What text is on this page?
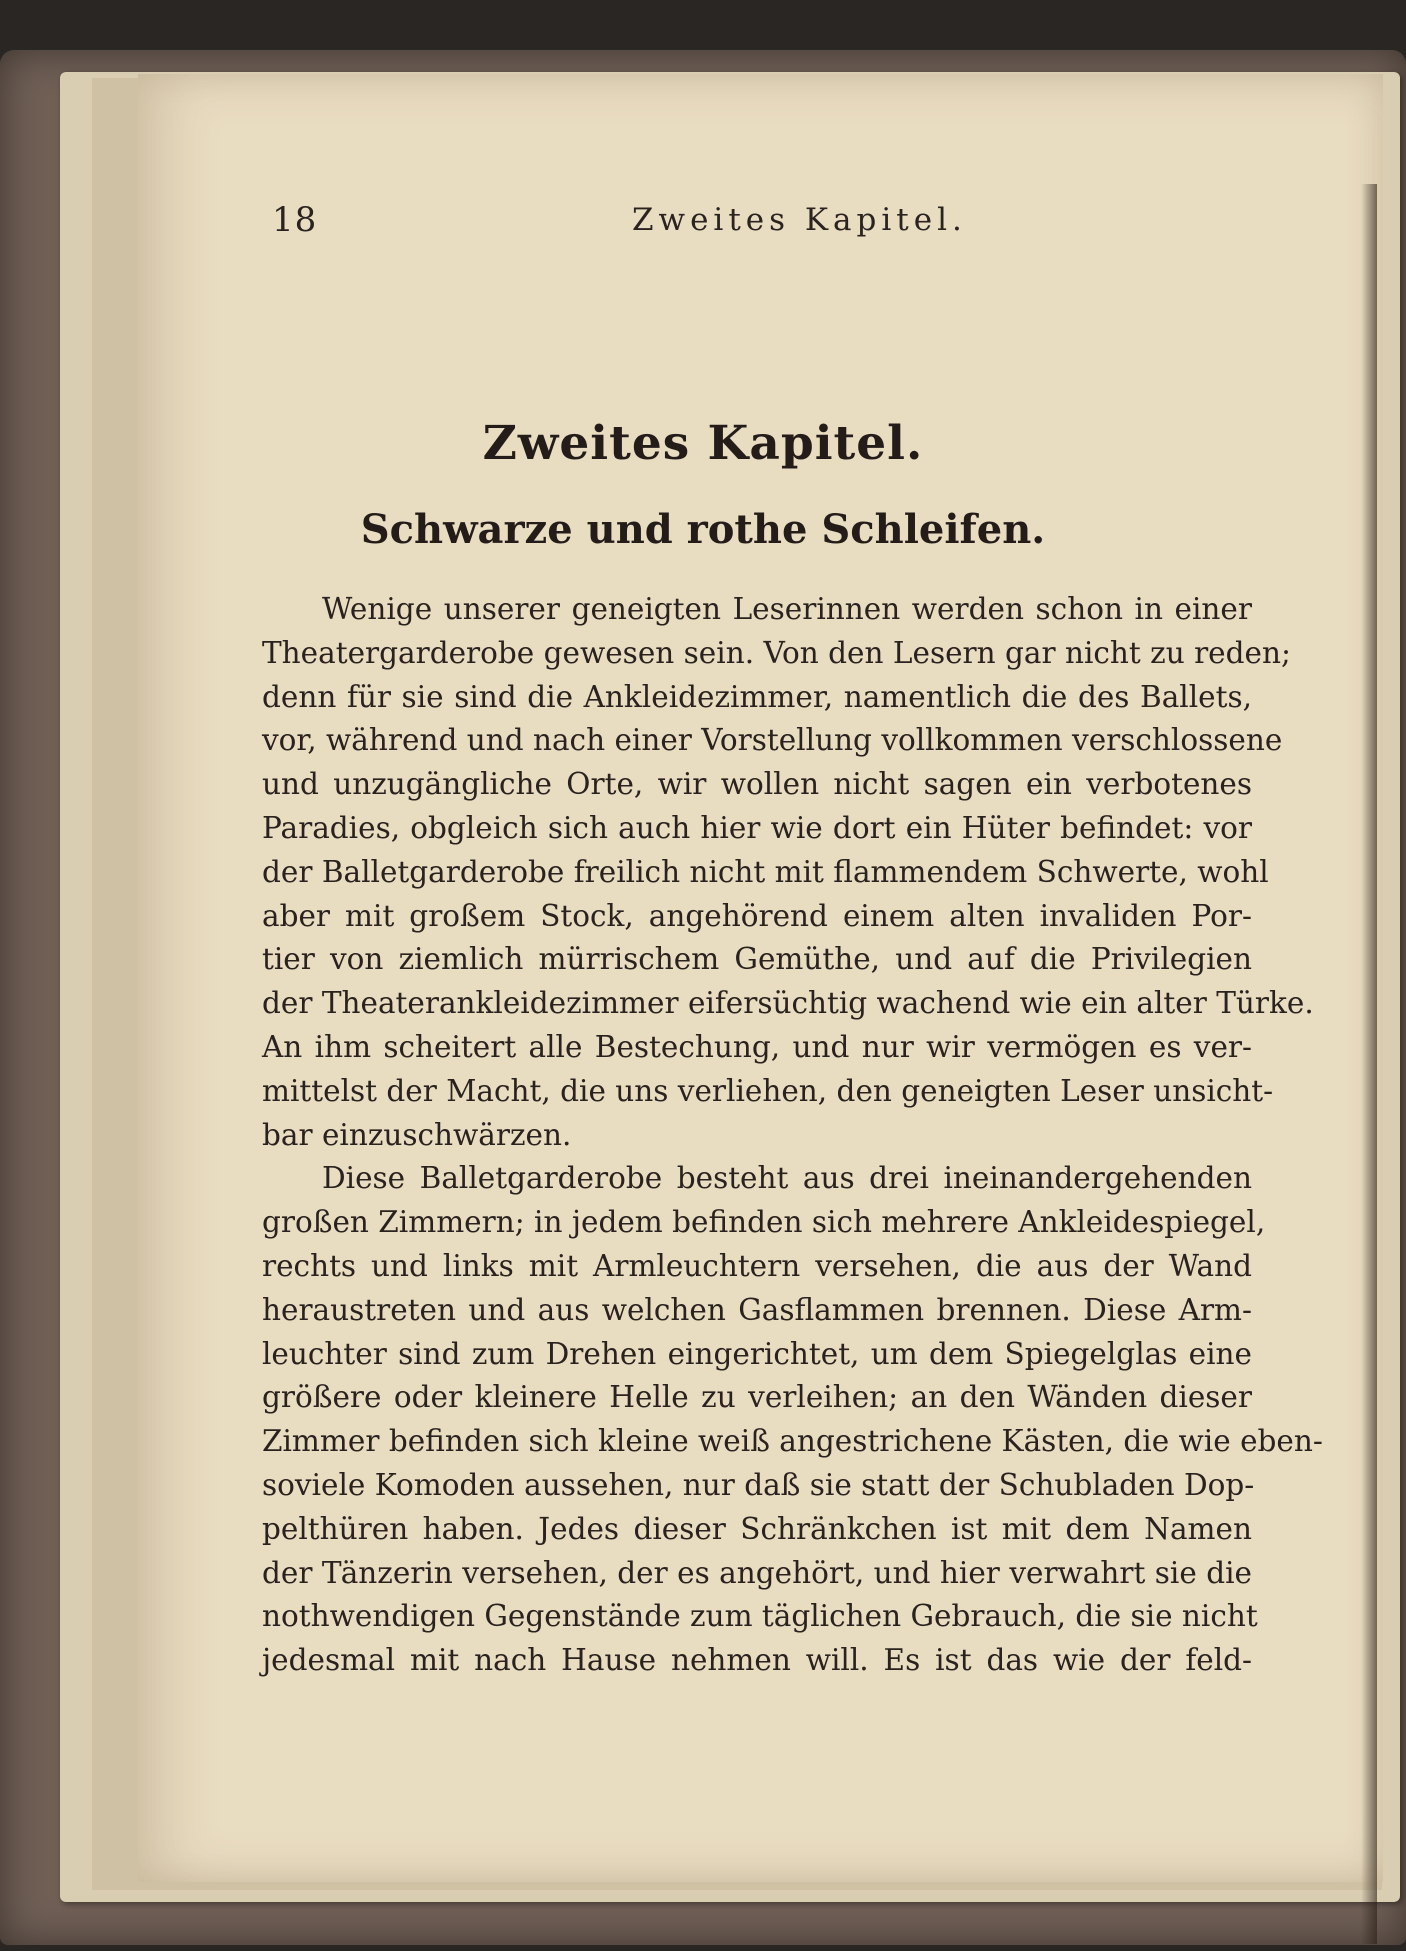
18	Zweites Kapitel.
Zweites Kapitel.
Schwarze und rothe Schleifen.
Wenige unserer geneigten Leserinnen werden schon in einer
Theatergarderobe gewesen sein. Von den Lesern gar nicht zu reden;
denn für sie sind die Ankleidezimmer, namentlich die des Ballets,
vor, während und nach einer Vorstellung vollkommen verschlossene
und unzugängliche Orte, wir wollen nicht sagen ein verbotenes
Paradies, obgleich sich auch hier wie dort ein Hüter befindet: vor
der Balletgarderobe freilich nicht mit flammendem Schwerte, wohl
aber mit großem Stock, angehörend einem alten invaliden Por-
tier von ziemlich mürrischem Gemüthe, und auf die Privilegien
der Theaterankleidezimmer eifersüchtig wachend wie ein alter Türke.
An ihm scheitert alle Bestechung, und nur wir vermögen es ver-
mittelst der Macht, die uns verliehen, den geneigten Leser unsicht-
bar einzuschwärzen.
Diese Balletgarderobe besteht aus drei ineinandergehenden
großen Zimmern; in jedem befinden sich mehrere Ankleidespiegel,
rechts und links mit Armleuchtern versehen, die aus der Wand
heraustreten und aus welchen Gasflammen brennen. Diese Arm-
leuchter sind zum Drehen eingerichtet, um dem Spiegelglas eine
größere oder kleinere Helle zu verleihen; an den Wänden dieser
Zimmer befinden sich kleine weiß angestrichene Kästen, die wie eben-
soviele Komoden aussehen, nur daß sie statt der Schubladen Dop-
pelthüren haben. Jedes dieser Schränkchen ist mit dem Namen
der Tänzerin versehen, der es angehört, und hier verwahrt sie die
nothwendigen Gegenstände zum täglichen Gebrauch, die sie nicht
jedesmal mit nach Hause nehmen will. Es ist das wie der feld-
